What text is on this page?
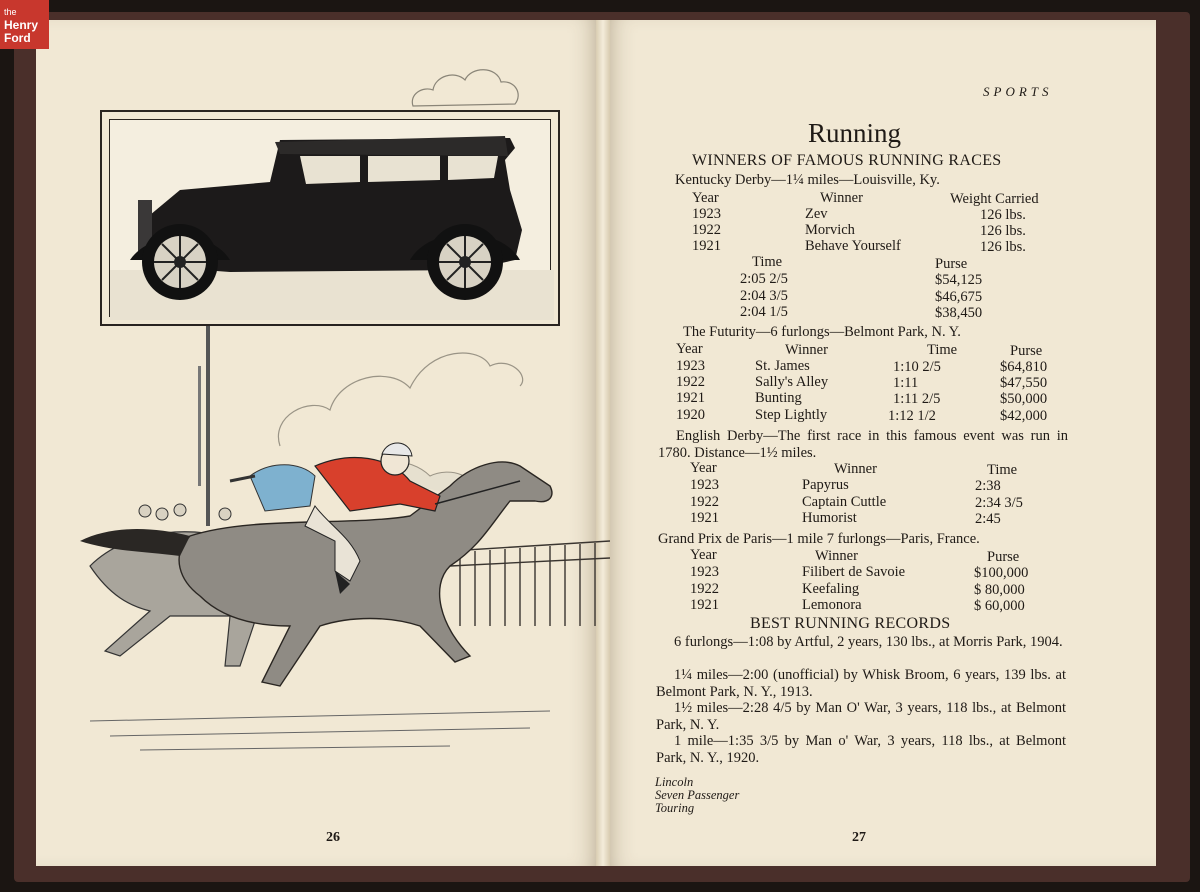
the
Henry
Ford
26
SPORTS
Running
WINNERS OF FAMOUS RUNNING RACES
Kentucky Derby—1¼ miles—Louisville, Ky.
Year	Winner	Weight Carried
1923	Zev	126 lbs.
1922	Morvich	126 lbs.
1921	Behave Yourself	126 lbs.
Time	Purse
2:05 2/5	$54,125
2:04 3/5	$46,675
2:04 1/5	$38,450
The Futurity—6 furlongs—Belmont Park, N. Y.
Year	Winner	Time	Purse
1923	St. James	1:10 2/5	$64,810
1922	Sally's Alley	1:11	$47,550
1921	Bunting	1:11 2/5	$50,000
1920	Step Lightly	1:12 1/2	$42,000
English Derby—The first race in this famous event was run in 1780. Distance—1½ miles.
Year	Winner	Time
1923	Papyrus	2:38
1922	Captain Cuttle	2:34 3/5
1921	Humorist	2:45
Grand Prix de Paris—1 mile 7 furlongs—Paris, France.
Year	Winner	Purse
1923	Filibert de Savoie	$100,000
1922	Keefaling	$ 80,000
1921	Lemonora	$ 60,000
BEST RUNNING RECORDS
6 furlongs—1:08 by Artful, 2 years, 130 lbs., at Morris Park, 1904.
1¼ miles—2:00 (unofficial) by Whisk Broom, 6 years, 139 lbs. at Belmont Park, N. Y., 1913.
1½ miles—2:28 4/5 by Man O' War, 3 years, 118 lbs., at Belmont Park, N. Y.
1 mile—1:35 3/5 by Man o' War, 3 years, 118 lbs., at Belmont Park, N. Y., 1920.
Lincoln
Seven Passenger
Touring
27
